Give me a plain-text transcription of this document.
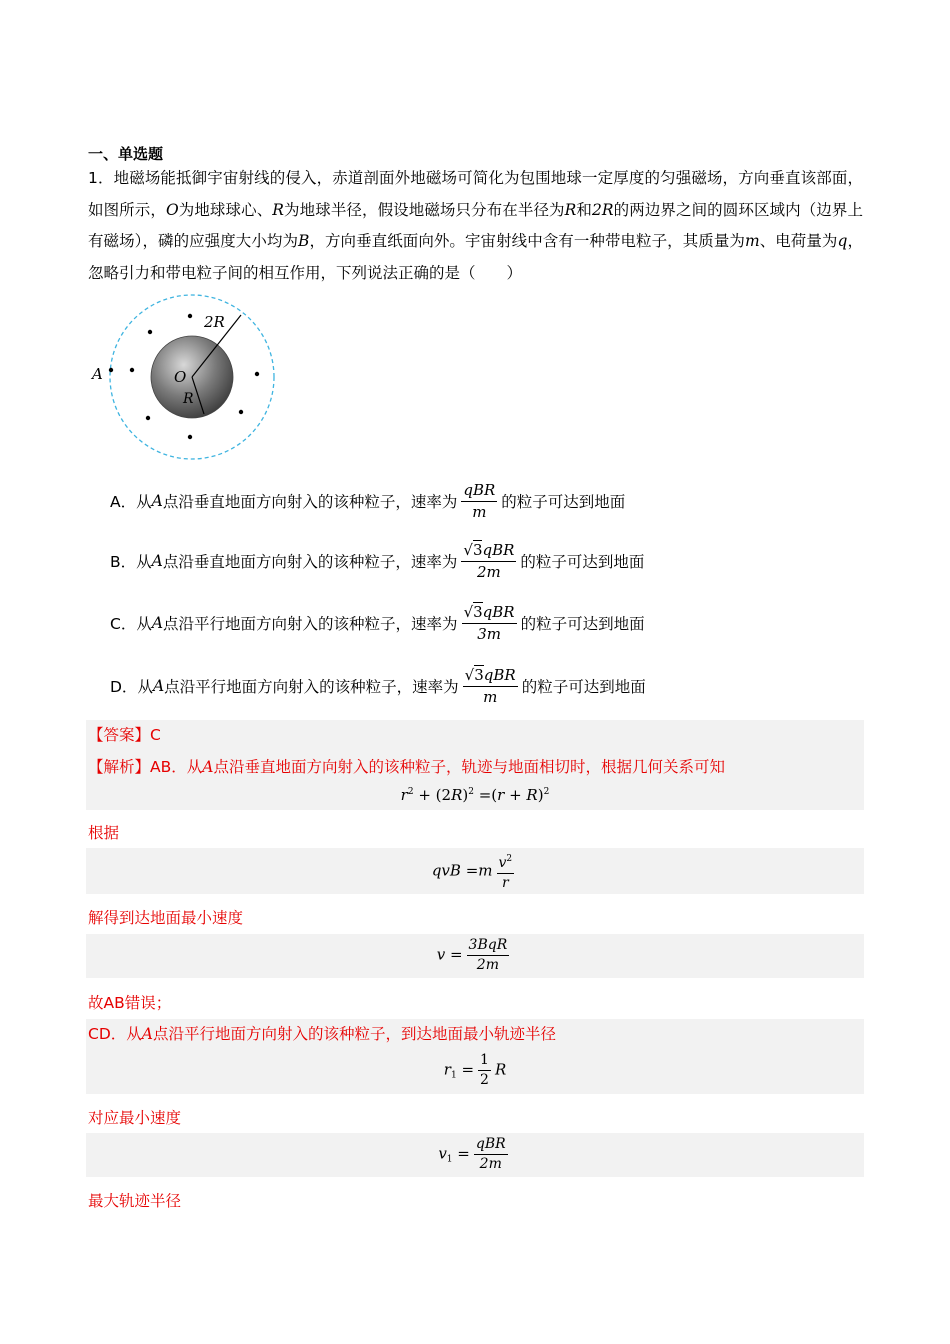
一、单选题
1．地磁场能抵御宇宙射线的侵入，赤道剖面外地磁场可简化为包围地球一定厚度的匀强磁场，方向垂直该部面，如图所示，O为地球球心、R为地球半径，假设地磁场只分布在半径为R和2R的两边界之间的圆环区域内（边界上有磁场），磷的应强度大小均为B，方向垂直纸面向外。宇宙射线中含有一种带电粒子，其质量为m、电荷量为q，忽略引力和带电粒子间的相互作用，下列说法正确的是（　　）
2R
A	O
R
A． 从 A 点沿垂直地面方向射入的该种粒子，速率为 $\frac{\text{qBR}}{m}$ 的粒子可达到地面
B． 从 A 点沿垂直地面方向射入的该种粒子，速率为 $\frac{\text{√3qBR}}{2m}$ 的粒子可达到地面
C． 从 A 点沿平行地面方向射入的该种粒子，速率为 $\frac{\text{√3qBR}}{3m}$ 的粒子可达到地面
D． 从 A 点沿平行地面方向射入的该种粒子，速率为 $\frac{\text{√3qBR}}{m}$ 的粒子可达到地面
【答案】C
【解析】AB．从A点沿垂直地面方向射入的该种粒子，轨迹与地面相切时，根据几何关系可知
$r^2 + (2R)^2 =(r + R)^2$
根据
qvB $=m \frac{v^2}{r}$
解得到达地面最小速度
$v = \frac{\text{3BqR}}{2m}$
故AB错误；
CD．从A点沿平行地面方向射入的该种粒子，到达地面最小轨迹半径
$r_1 = \frac{1}{2}$ R
对应最小速度
$v_1 = \frac{\text{qBR}}{2m}$
最大轨迹半径
